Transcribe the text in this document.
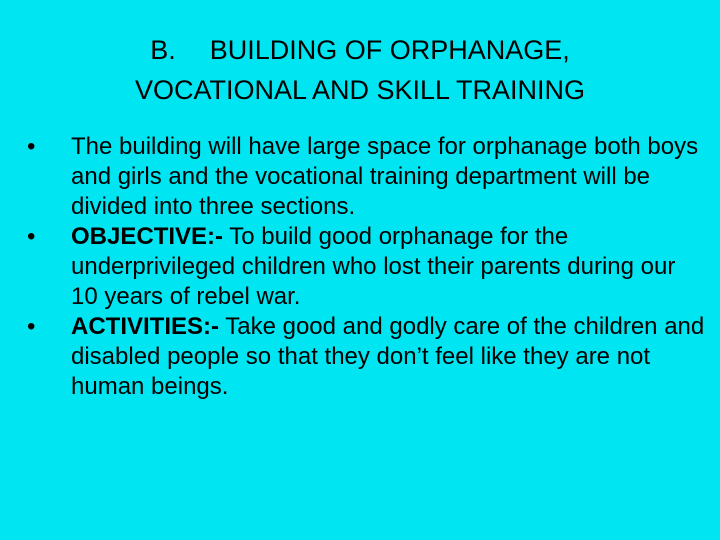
B. BUILDING OF ORPHANAGE,
VOCATIONAL AND SKILL TRAINING
•	The building will have large space for orphanage both boys and girls and the vocational training department will be divided into three sections.
•	OBJECTIVE:- To build good orphanage for the underprivileged children who lost their parents during our 10 years of rebel war.
•	ACTIVITIES:- Take good and godly care of the children and disabled people so that they don’t feel like they are not human beings.
